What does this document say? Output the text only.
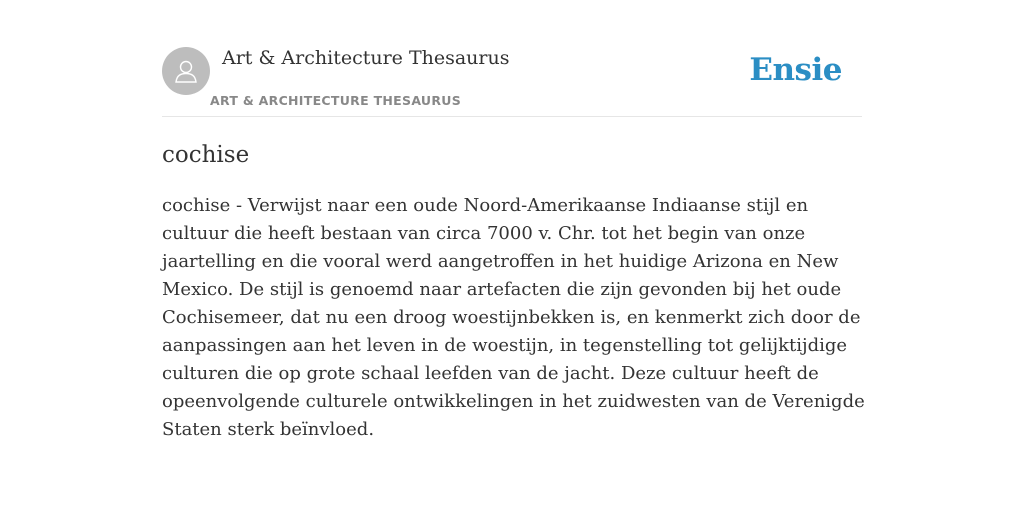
Art & Architecture Thesaurus
ART & ARCHITECTURE THESAURUS
Ensie
cochise

cochise - Verwijst naar een oude Noord-Amerikaanse Indiaanse stijl en cultuur die heeft bestaan van circa 7000 v. Chr. tot het begin van onze jaartelling en die vooral werd aangetroffen in het huidige Arizona en New Mexico. De stijl is genoemd naar artefacten die zijn gevonden bij het oude Cochisemeer, dat nu een droog woestijnbekken is, en kenmerkt zich door de aanpassingen aan het leven in de woestijn, in tegenstelling tot gelijktijdige culturen die op grote schaal leefden van de jacht. Deze cultuur heeft de opeenvolgende culturele ontwikkelingen in het zuidwesten van de Verenigde Staten sterk beïnvloed.
